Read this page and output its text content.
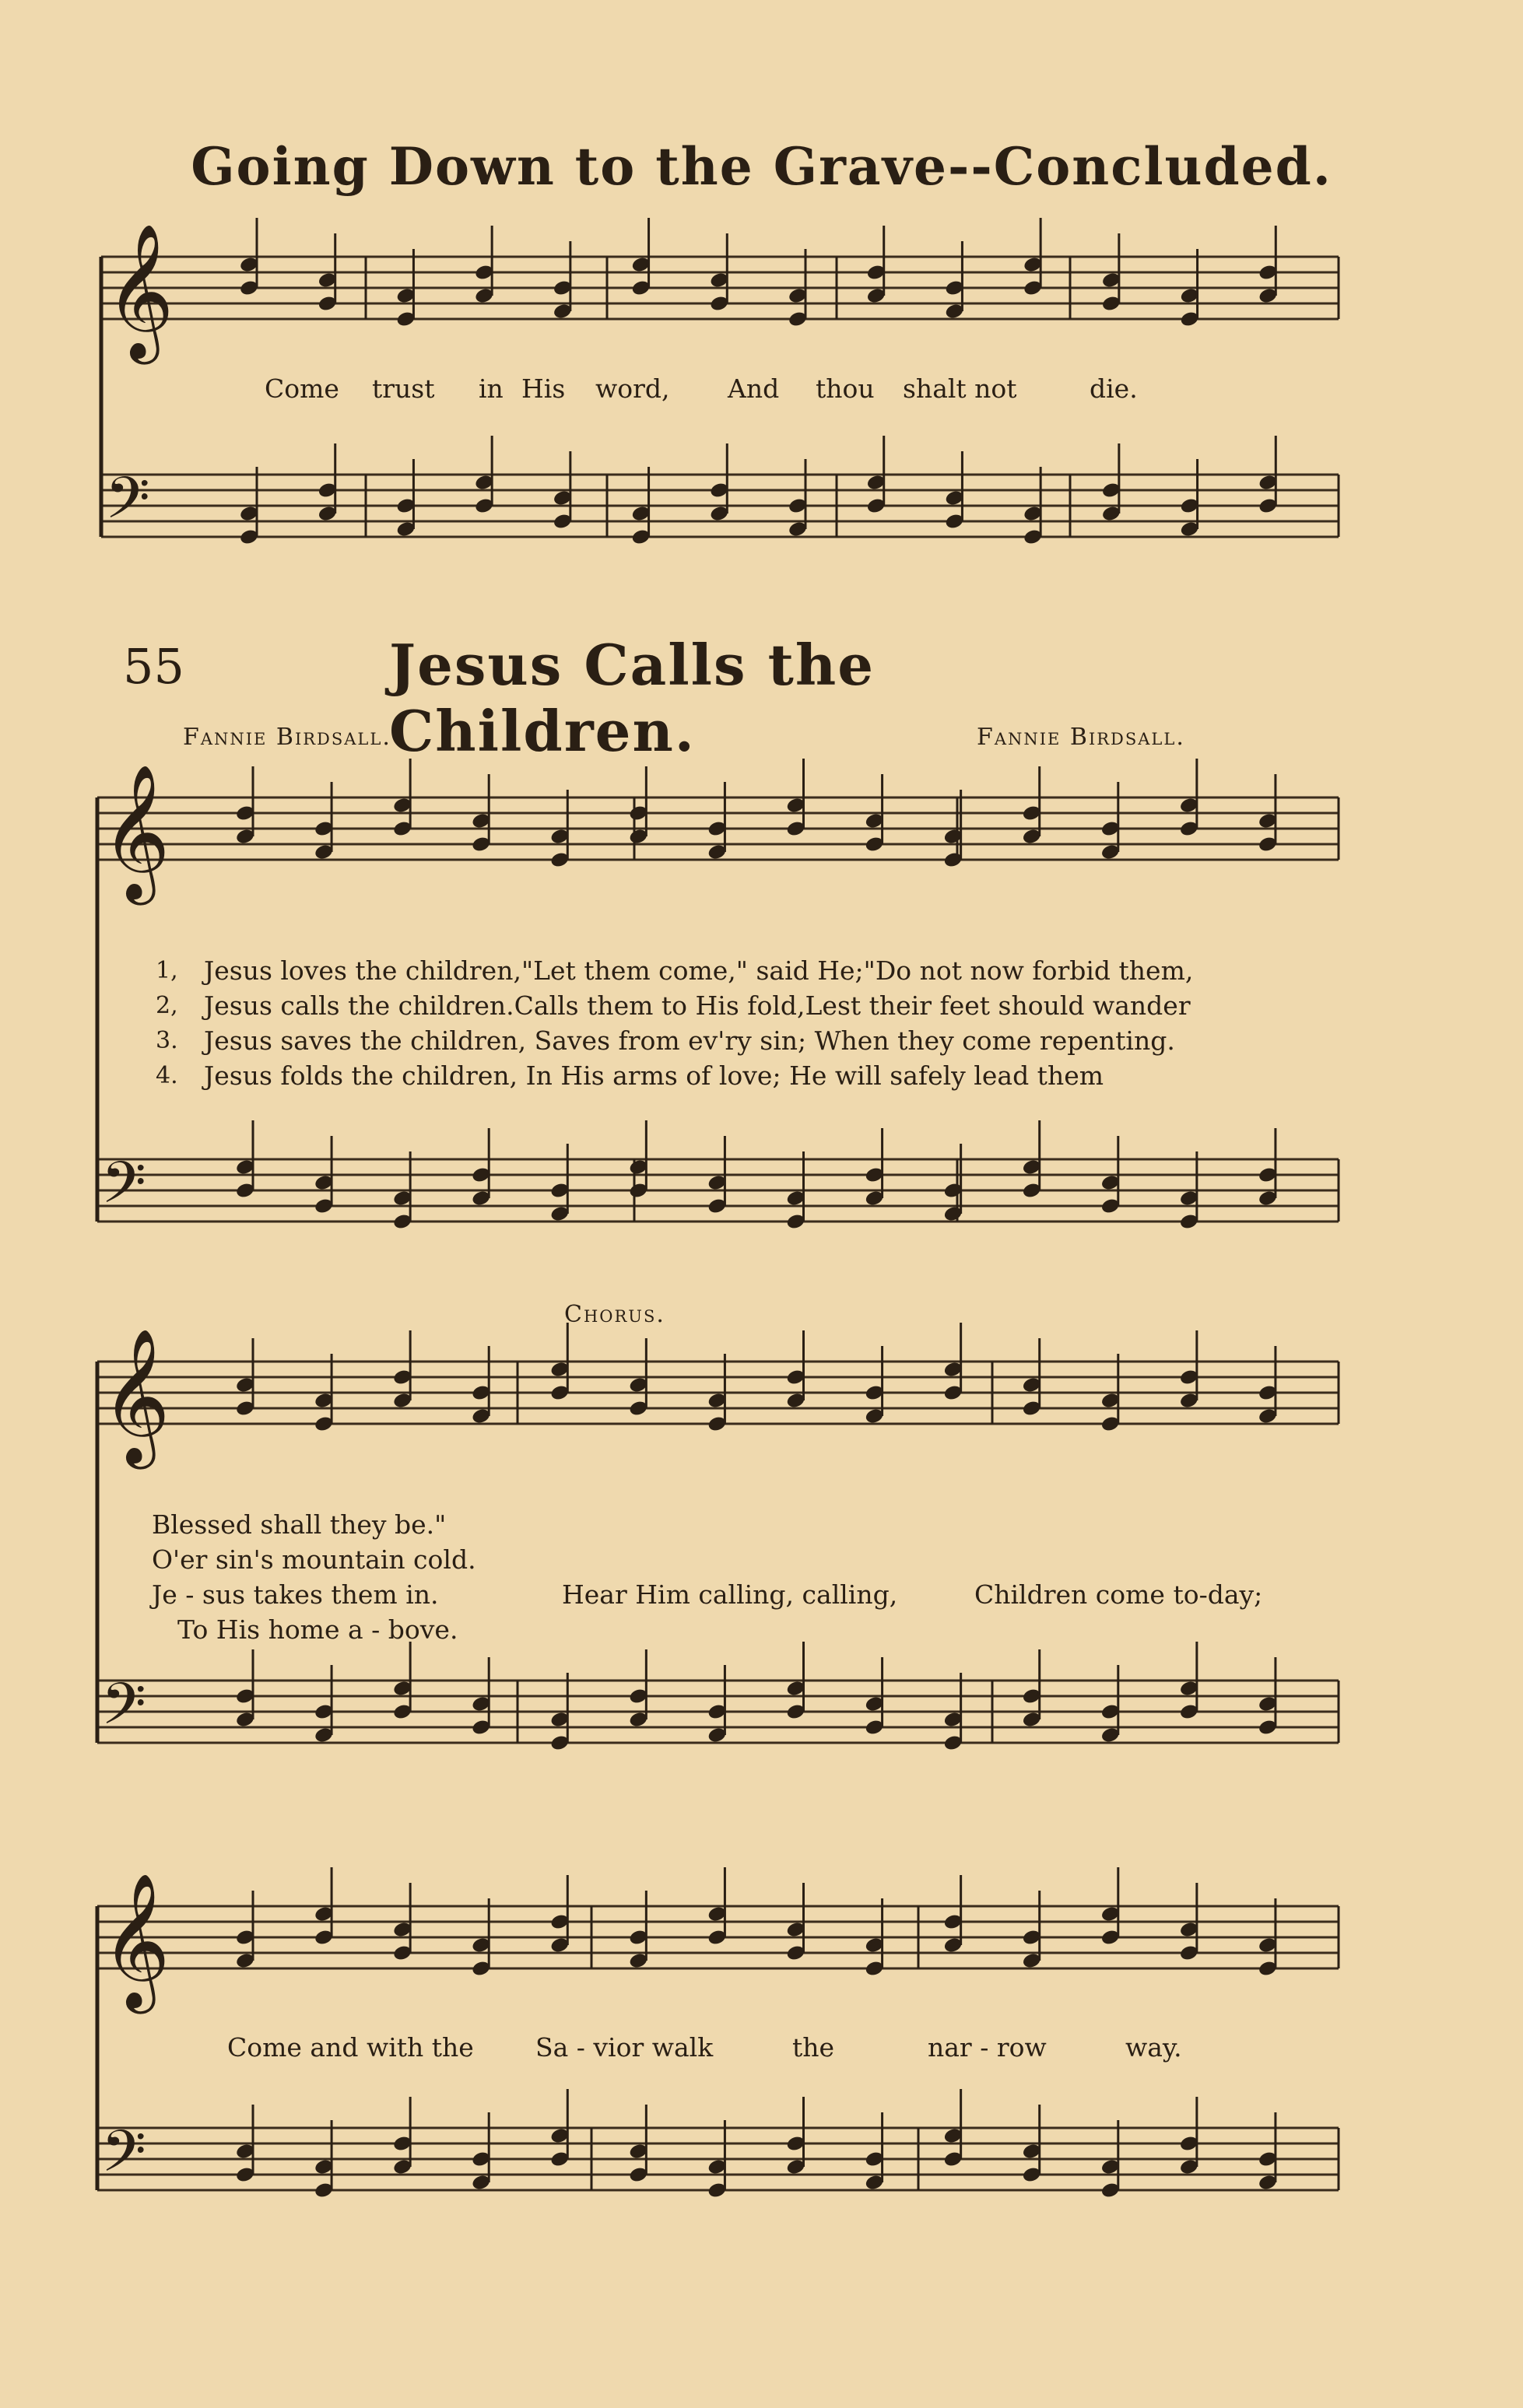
Going Down to the Grave--Concluded.
55	Jesus Calls the Children.
Fannie Birdsall.	Fannie Birdsall.
Come trust in His word, And thou shalt not	die.
1, Jesus loves the children,"Let them come," said He;"Do not now forbid them,
2, Jesus calls the children.Calls them to His fold,Lest their feet should wander
3. Jesus saves the children, Saves from ev'ry sin; When they come repenting.
4. Jesus folds the children, In His arms of love; He will safely lead them
Chorus.
Blessed shall they be."
O'er sin's mountain cold.
Je - sus takes them in.
To His home a - bove.
Hear Him calling, calling,	Children come to-day;
Come and with the Sa - vior walk	the	nar - row	way.
𝄞
𝄢
𝄞
𝄢
𝄞
𝄢
𝄞
𝄢
